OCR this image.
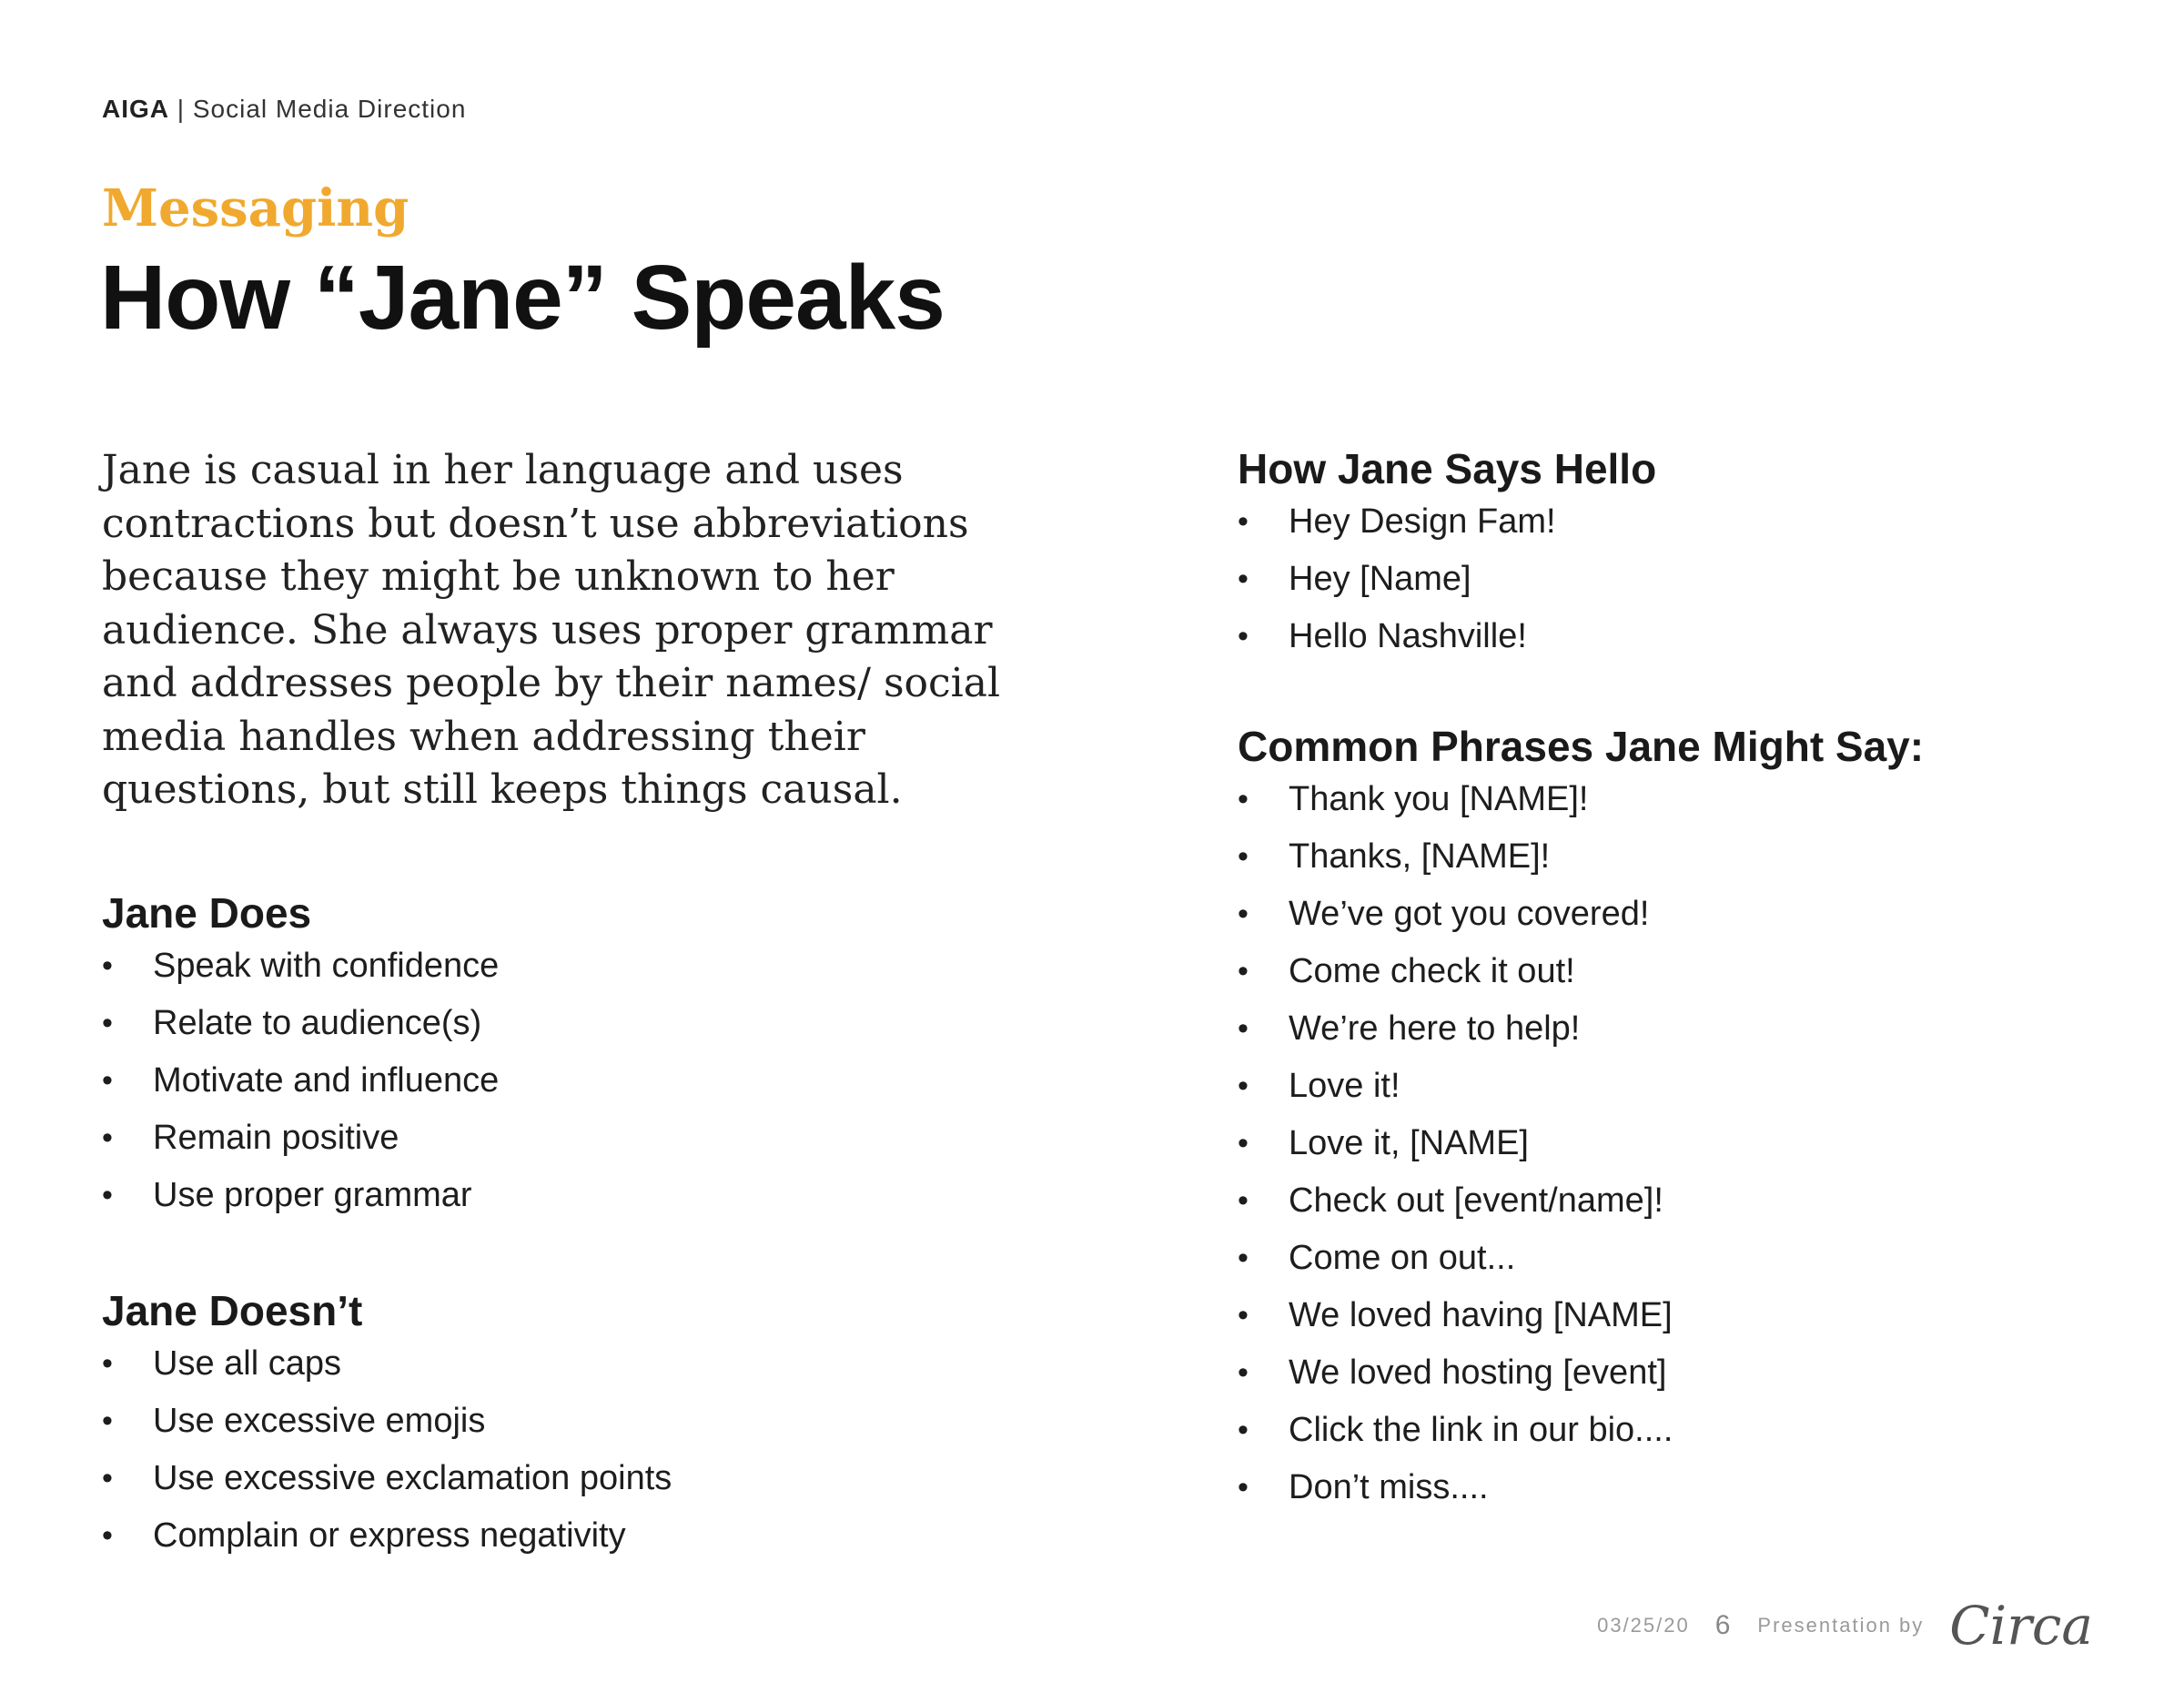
AIGA | Social Media Direction
Messaging
How “Jane” Speaks

Jane is casual in her language and uses contractions but doesn’t use abbreviations because they might be unknown to her audience. She always uses proper grammar and addresses people by their names/ social media handles when addressing their questions, but still keeps things causal.

Jane Does
• Speak with confidence
• Relate to audience(s)
• Motivate and influence
• Remain positive
• Use proper grammar
Jane Doesn’t
• Use all caps
• Use excessive emojis
• Use excessive exclamation points
• Complain or express negativity
How Jane Says Hello
• Hey Design Fam!
• Hey [Name]
• Hello Nashville!
Common Phrases Jane Might Say:
• Thank you [NAME]!
• Thanks, [NAME]!
• We’ve got you covered!
• Come check it out!
• We’re here to help!
• Love it!
• Love it, [NAME]
• Check out [event/name]!
• Come on out...
• We loved having [NAME]
• We loved hosting [event]
• Click the link in our bio....
• Don’t miss....
03/25/20 6 Presentation by Circa
